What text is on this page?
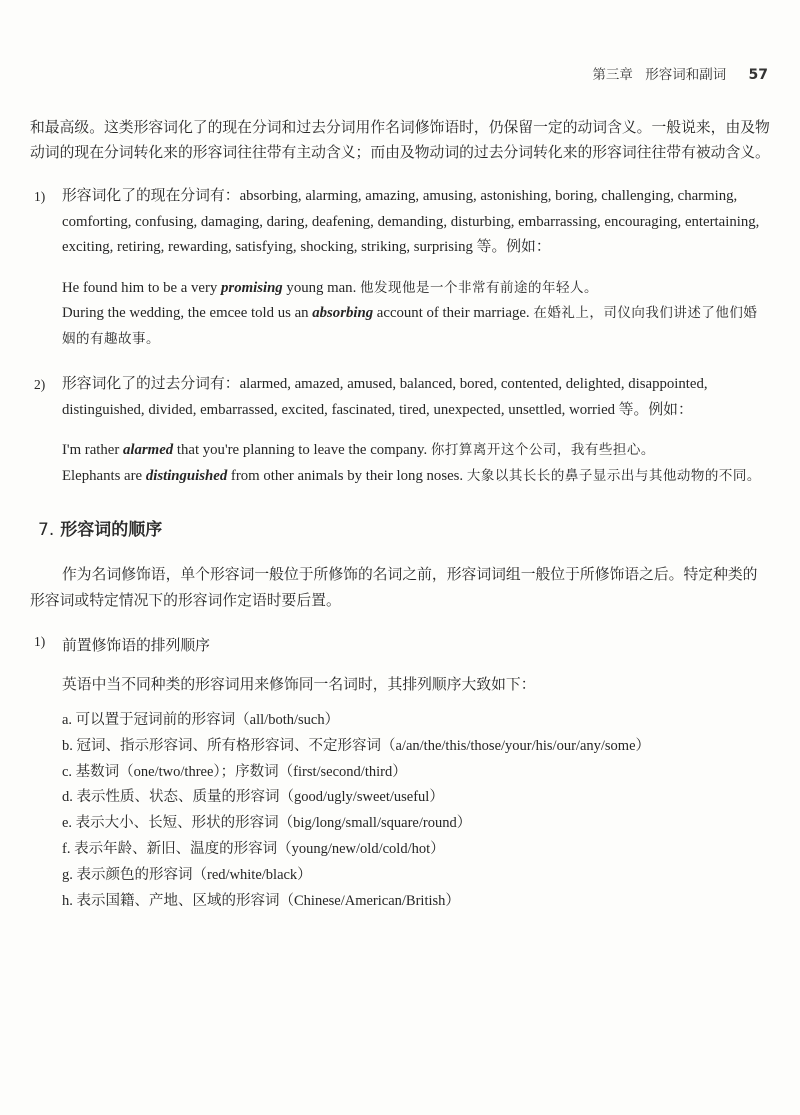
第三章 形容词和副词 57

和最高级。这类形容词化了的现在分词和过去分词用作名词修饰语时，仍保留一定的动词含义。一般说来，由及物动词的现在分词转化来的形容词往往带有主动含义；而由及物动词的过去分词转化来的形容词往往带有被动含义。

1) 形容词化了的现在分词有：absorbing, alarming, amazing, amusing, astonishing, boring, challenging, charming, comforting, confusing, damaging, daring, deafening, demanding, disturbing, embarrassing, encouraging, entertaining, exciting, retiring, rewarding, satisfying, shocking, striking, surprising 等。例如：

He found him to be a very promising young man. 他发现他是一个非常有前途的年轻人。

During the wedding, the emcee told us an absorbing account of their marriage. 在婚礼上，司仪向我们讲述了他们婚姻的有趣故事。

2) 形容词化了的过去分词有：alarmed, amazed, amused, balanced, bored, contented, delighted, disappointed, distinguished, divided, embarrassed, excited, fascinated, tired, unexpected, unsettled, worried 等。例如：

I'm rather alarmed that you're planning to leave the company. 你打算离开这个公司，我有些担心。

Elephants are distinguished from other animals by their long noses. 大象以其长长的鼻子显示出与其他动物的不同。

7. 形容词的顺序

作为名词修饰语，单个形容词一般位于所修饰的名词之前，形容词词组一般位于所修饰语之后。特定种类的形容词或特定情况下的形容词作定语时要后置。

1) 前置修饰语的排列顺序

英语中当不同种类的形容词用来修饰同一名词时，其排列顺序大致如下：

a. 可以置于冠词前的形容词（all/both/such）
b. 冠词、指示形容词、所有格形容词、不定形容词（a/an/the/this/those/your/his/our/any/some）
c. 基数词（one/two/three）；序数词（first/second/third）
d. 表示性质、状态、质量的形容词（good/ugly/sweet/useful）
e. 表示大小、长短、形状的形容词（big/long/small/square/round）
f. 表示年龄、新旧、温度的形容词（young/new/old/cold/hot）
g. 表示颜色的形容词（red/white/black）
h. 表示国籍、产地、区域的形容词（Chinese/American/British）
